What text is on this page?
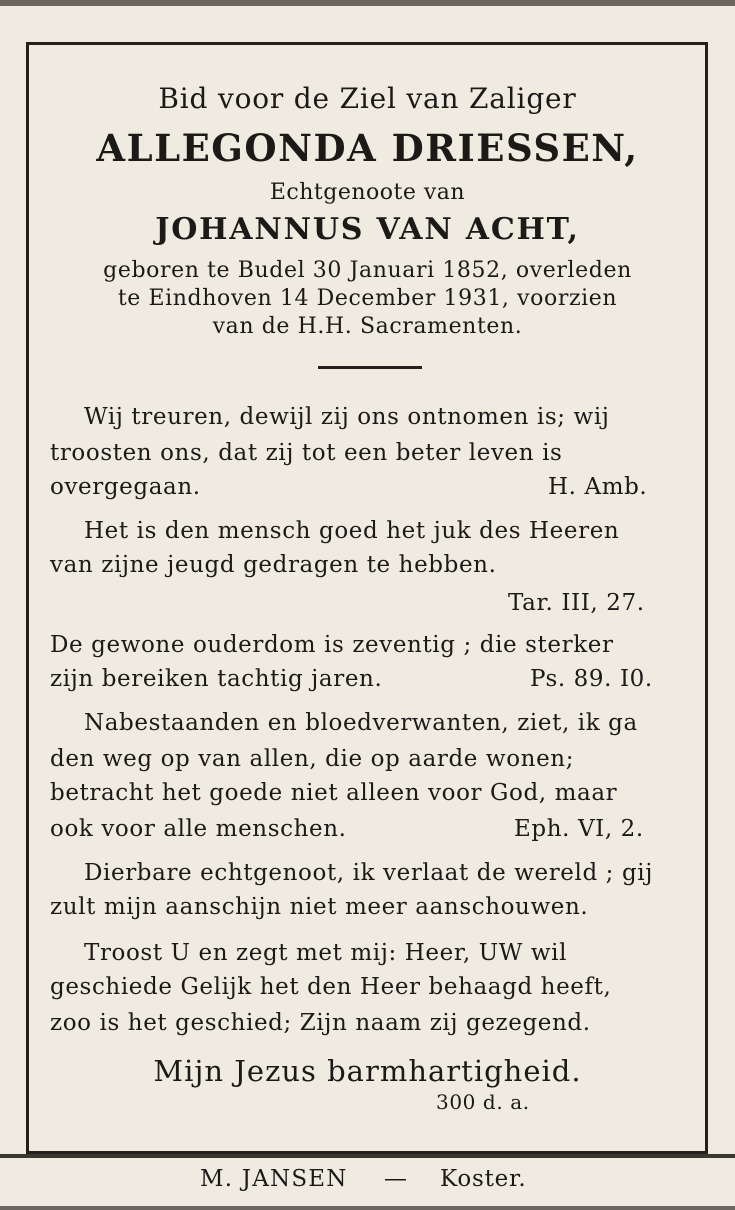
Bid voor de Ziel van Zaliger
ALLEGONDA DRIESSEN,
Echtgenoote van
JOHANNUS VAN ACHT,
geboren te Budel 30 Januari 1852, overleden
te Eindhoven 14 December 1931, voorzien
van de H.H. Sacramenten.
Wij treuren, dewijl zij ons ontnomen is; wij
troosten ons, dat zij tot een beter leven is
overgegaan.	H. Amb.
Het is den mensch goed het juk des Heeren
van zijne jeugd gedragen te hebben.
Tar. III, 27.
De gewone ouderdom is zeventig ; die sterker
zijn bereiken tachtig jaren.	Ps. 89. I0.
Nabestaanden en bloedverwanten, ziet, ik ga
den weg op van allen, die op aarde wonen;
betracht het goede niet alleen voor God, maar
ook voor alle menschen.	Eph. VI, 2.
Dierbare echtgenoot, ik verlaat de wereld ; gij
zult mijn aanschijn niet meer aanschouwen.
Troost U en zegt met mij: Heer, UW wil
geschiede Gelijk het den Heer behaagd heeft,
zoo is het geschied; Zijn naam zij gezegend.
Mijn Jezus barmhartigheid.
300 d. a.
M. JANSEN — Koster.
